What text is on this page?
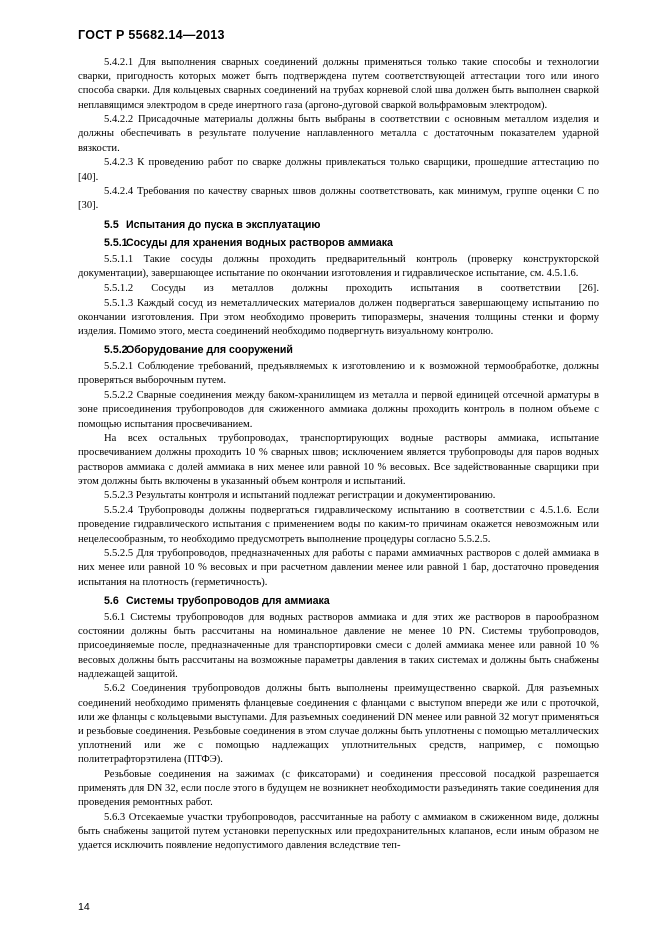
ГОСТ Р 55682.14—2013

5.4.2.1 Для выполнения сварных соединений должны применяться только такие способы и технологии сварки, пригодность которых может быть подтверждена путем соответствующей аттестации того или иного способа сварки. Для кольцевых сварных соединений на трубах корневой слой шва должен быть выполнен сваркой неплавящимся электродом в среде инертного газа (аргоно-дуговой сваркой вольфрамовым электродом).

5.4.2.2 Присадочные материалы должны быть выбраны в соответствии с основным металлом изделия и должны обеспечивать в результате получение наплавленного металла с достаточным показателем ударной вязкости.

5.4.2.3 К проведению работ по сварке должны привлекаться только сварщики, прошедшие аттестацию по [40].

5.4.2.4 Требования по качеству сварных швов должны соответствовать, как минимум, группе оценки С по [30].

5.5 Испытания до пуска в эксплуатацию
5.5.1
Сосуды для хранения водных растворов аммиака

5.5.1.1 Такие сосуды должны проходить предварительный контроль (проверку конструкторской документации), завершающее испытание по окончании изготовления и гидравлическое испытание, см. 4.5.1.6.

5.5.1.2 Сосуды из металлов должны проходить испытания в соответствии [26].

5.5.1.3 Каждый сосуд из неметаллических материалов должен подвергаться завершающему испытанию по окончании изготовления. При этом необходимо проверить типоразмеры, значения толщины стенки и форму изделия. Помимо этого, места соединений необходимо подвергнуть визуальному контролю.

5.5.2
Оборудование для сооружений

5.5.2.1 Соблюдение требований, предъявляемых к изготовлению и к возможной термообработке, должны проверяться выборочным путем.

5.5.2.2 Сварные соединения между баком-хранилищем из металла и первой единицей отсечной арматуры в зоне присоединения трубопроводов для сжиженного аммиака должны проходить контроль в полном объеме с помощью испытания просвечиванием.

На всех остальных трубопроводах, транспортирующих водные растворы аммиака, испытание просвечиванием должны проходить 10 % сварных швов; исключением является трубопроводы для паров водных растворов аммиака с долей аммиака в них менее или равной 10 % весовых. Все задействованные сварщики при этом должны быть включены в указанный объем контроля и испытаний.

5.5.2.3 Результаты контроля и испытаний подлежат регистрации и документированию.

5.5.2.4 Трубопроводы должны подвергаться гидравлическому испытанию в соответствии с 4.5.1.6. Если проведение гидравлического испытания с применением воды по каким-то причинам окажется невозможным или нецелесообразным, то необходимо предусмотреть выполнение процедуры согласно 5.5.2.5.

5.5.2.5 Для трубопроводов, предназначенных для работы с парами аммиачных растворов с долей аммиака в них менее или равной 10 % весовых и при расчетном давлении менее или равной 1 бар, достаточно проведения испытания на плотность (герметичность).

5.6 Системы трубопроводов для аммиака

5.6.1 Системы трубопроводов для водных растворов аммиака и для этих же растворов в парообразном состоянии должны быть рассчитаны на номинальное давление не менее 10 PN. Системы трубопроводов, присоединяемые после, предназначенные для транспортировки смеси с долей аммиака менее или равной 10 % весовых должны быть рассчитаны на возможные параметры давления в таких системах и должны быть снабжены надлежащей защитой.

5.6.2 Соединения трубопроводов должны быть выполнены преимущественно сваркой. Для разъемных соединений необходимо применять фланцевые соединения с фланцами с выступом впереди же или с проточкой, или же фланцы с кольцевыми выступами. Для разъемных соединений DN менее или равной 32 могут применяться и резьбовые соединения. Резьбовые соединения в этом случае должны быть уплотнены с помощью металлических уплотнений или же с помощью надлежащих уплотнительных средств, например, с помощью политетрафторэтилена (ПТФЭ).

Резьбовые соединения на зажимах (с фиксаторами) и соединения прессовой посадкой разрешается применять для DN 32, если после этого в будущем не возникнет необходимости разъединять такие соединения для проведения ремонтных работ.

5.6.3 Отсекаемые участки трубопроводов, рассчитанные на работу с аммиаком в сжиженном виде, должны быть снабжены защитой путем установки перепускных или предохранительных клапанов, если иным образом не удается исключить появление недопустимого давления вследствие теп-

14
